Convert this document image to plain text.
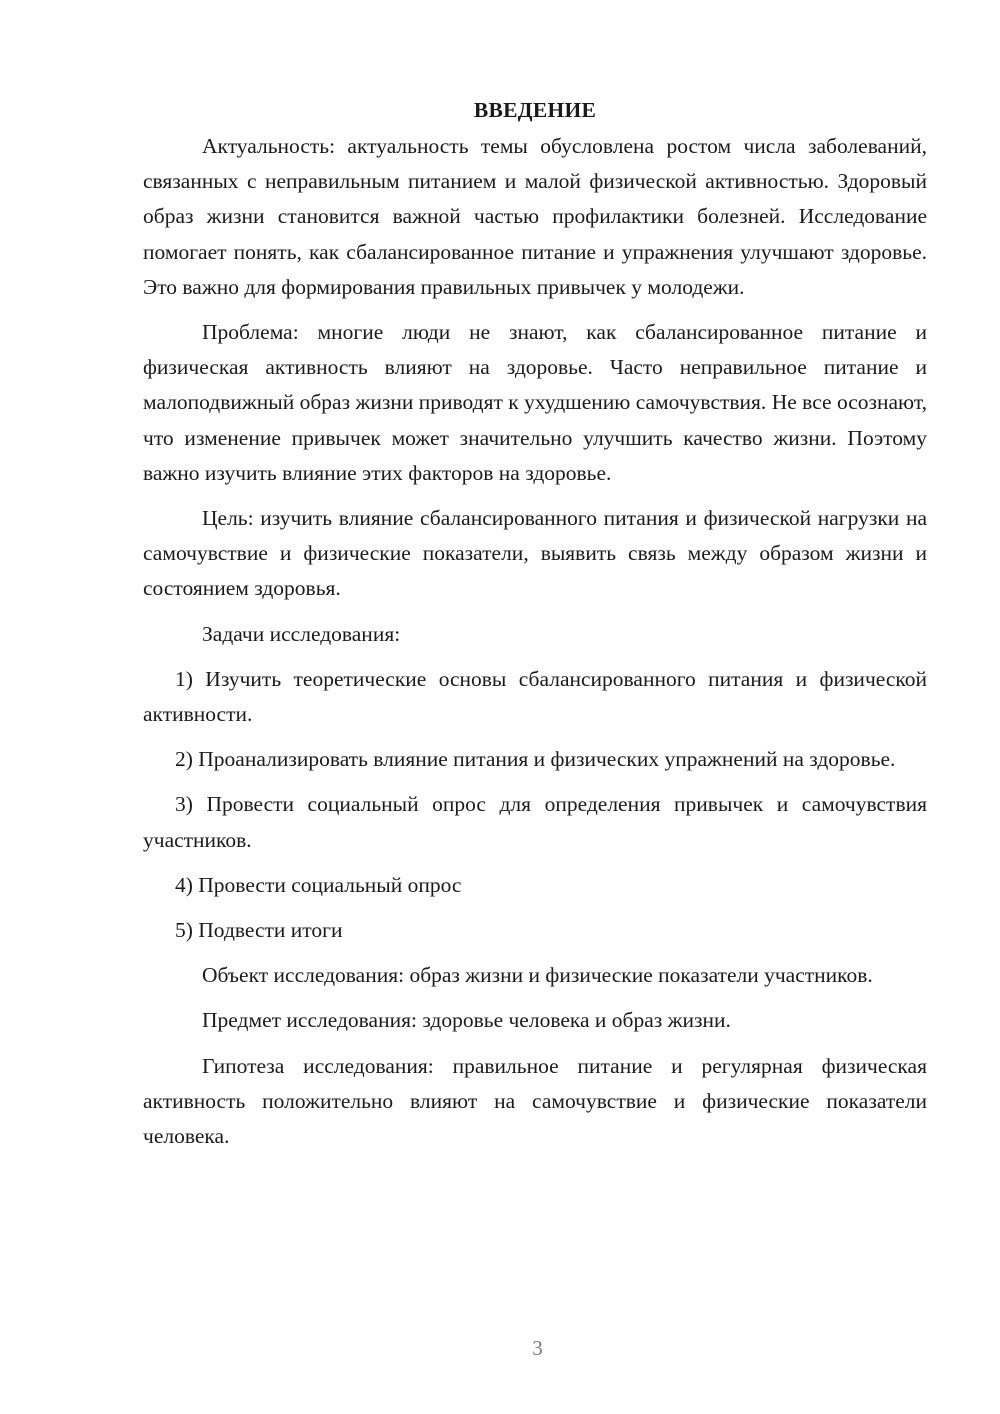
ВВЕДЕНИЕ

Актуальность: актуальность темы обусловлена ростом числа заболеваний, связанных с неправильным питанием и малой физической активностью. Здоровый образ жизни становится важной частью профилактики болезней. Исследование помогает понять, как сбалансированное питание и упражнения улучшают здоровье. Это важно для формирования правильных привычек у молодежи.

Проблема: многие люди не знают, как сбалансированное питание и физическая активность влияют на здоровье. Часто неправильное питание и малоподвижный образ жизни приводят к ухудшению самочувствия. Не все осознают, что изменение привычек может значительно улучшить качество жизни. Поэтому важно изучить влияние этих факторов на здоровье.

Цель: изучить влияние сбалансированного питания и физической нагрузки на самочувствие и физические показатели, выявить связь между образом жизни и состоянием здоровья.

Задачи исследования:

1) Изучить теоретические основы сбалансированного питания и физической активности.

2) Проанализировать влияние питания и физических упражнений на здоровье.

3) Провести социальный опрос для определения привычек и самочувствия участников.

4) Провести социальный опрос

5) Подвести итоги

Объект исследования: образ жизни и физические показатели участников.

Предмет исследования: здоровье человека и образ жизни.

Гипотеза исследования: правильное питание и регулярная физическая активность положительно влияют на самочувствие и физические показатели человека.

3
